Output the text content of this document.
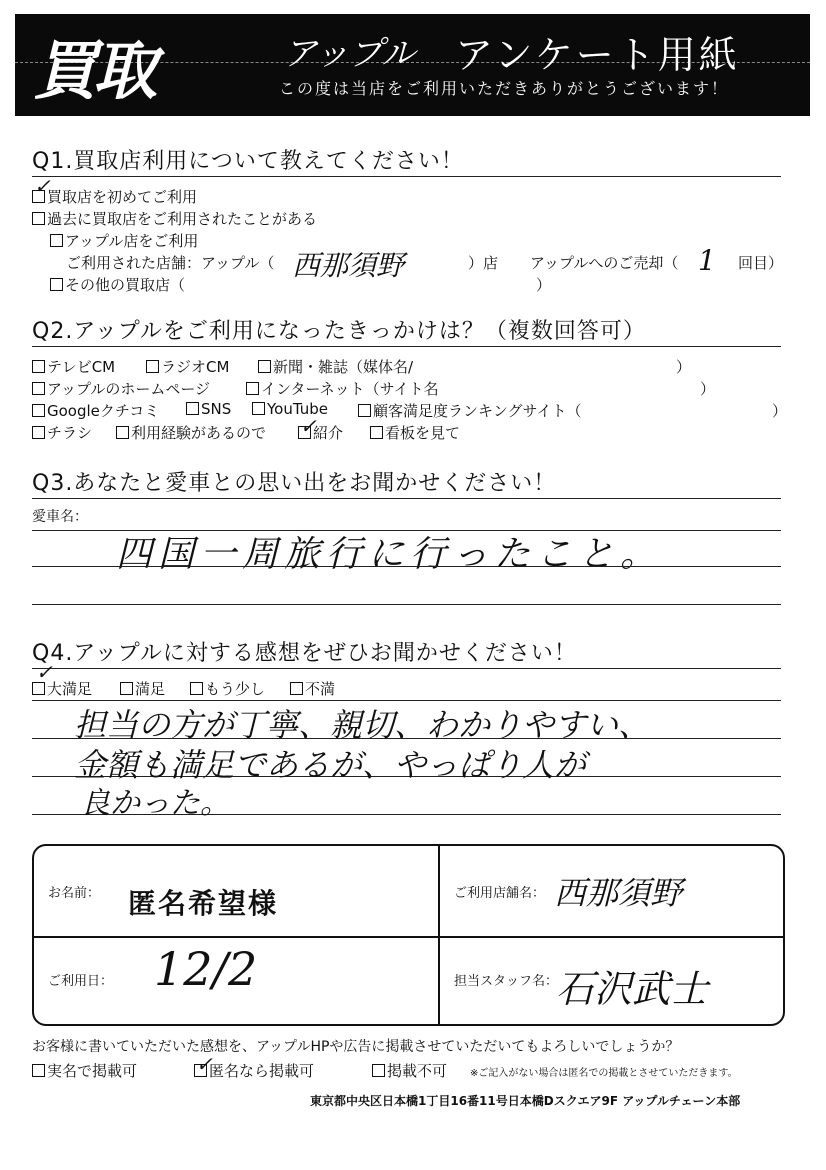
買取	アップル アンケート用紙
この度は当店をご利用いただきありがとうございます！
Q1.買取店利用について教えてください！
買取店を初めてご利用
✓
過去に買取店をご利用されたことがある
アップル店をご利用
ご利用された店舗：アップル（ 西那須野	）店 アップルへのご売却（ 1 回目）
その他の買取店（	）
Q2.アップルをご利用になったきっかけは？（複数回答可）
テレビCM	ラジオCM	新聞・雑誌（媒体名/	）
アップルのホームページ	インターネット（サイト名	）
Googleクチコミ	SNS	YouTube	顧客満足度ランキングサイト（	）
チラシ	利用経験があるので	紹介
✓	看板を見て
Q3.あなたと愛車との思い出をお聞かせください！
愛車名：
四国一周旅行に行ったこと。
Q4.アップルに対する感想をぜひお聞かせください！
✓
大満足	満足	もう少し	不満
担当の方が丁寧、親切、わかりやすい、
金額も満足であるが、やっぱり人が
良かった。
お名前： 匿名希望様	ご利用店舗名： 西那須野
ご利用日： 12/2	担当スタッフ名：
石沢武士
お客様に書いていただいた感想を、アップルHPや広告に掲載させていただいてもよろしいでしょうか？
実名で掲載可	匿名なら掲載可
✓	掲載不可 ※ご記入がない場合は匿名での掲載とさせていただきます。
東京都中央区日本橋1丁目16番11号日本橋Dスクエア9F アップルチェーン本部
